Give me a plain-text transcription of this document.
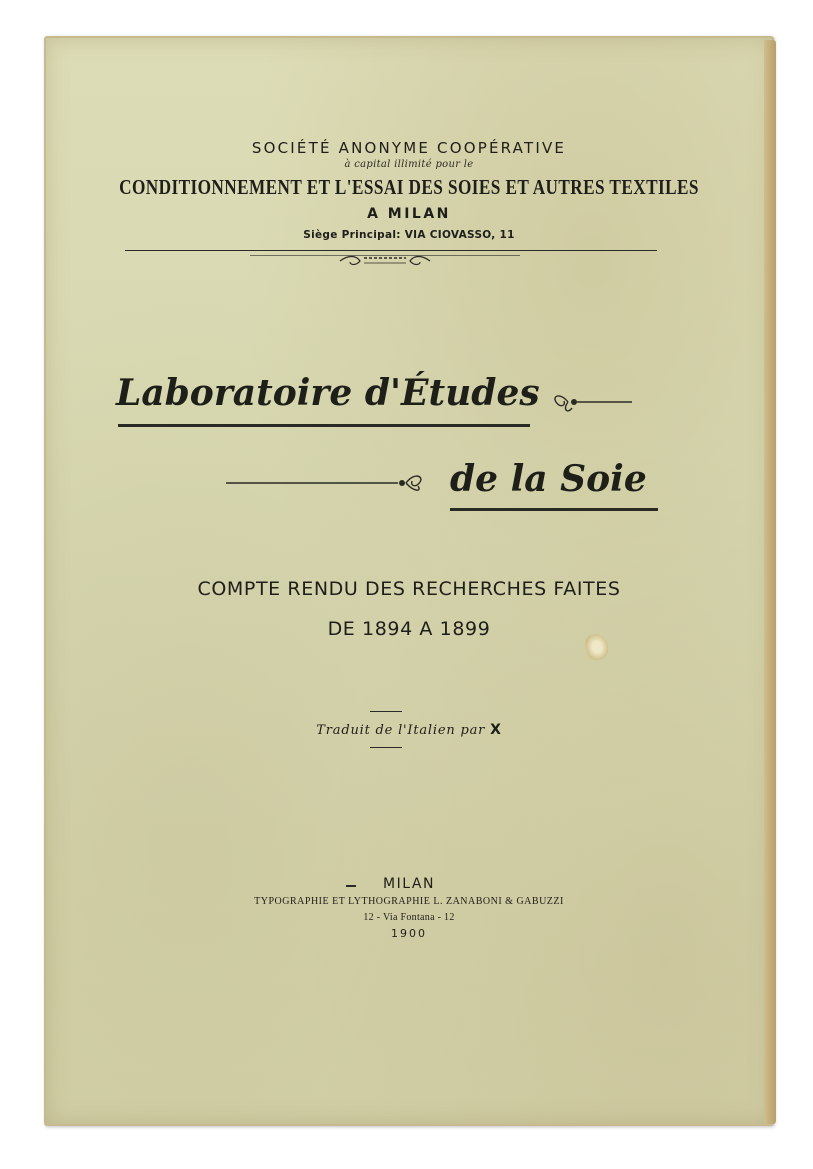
SOCIÉTÉ ANONYME COOPÉRATIVE
à capital illimité pour le
CONDITIONNEMENT ET L'ESSAI DES SOIES ET AUTRES TEXTILES
A MILAN
Siège Principal: VIA CIOVASSO, 11
Laboratoire d'Études
de la Soie
COMPTE RENDU DES RECHERCHES FAITES
DE 1894 A 1899
Traduit de l'Italien par X
MILAN
TYPOGRAPHIE ET LYTHOGRAPHIE L. ZANABONI & GABUZZI
12 - Via Fontana - 12
1900
